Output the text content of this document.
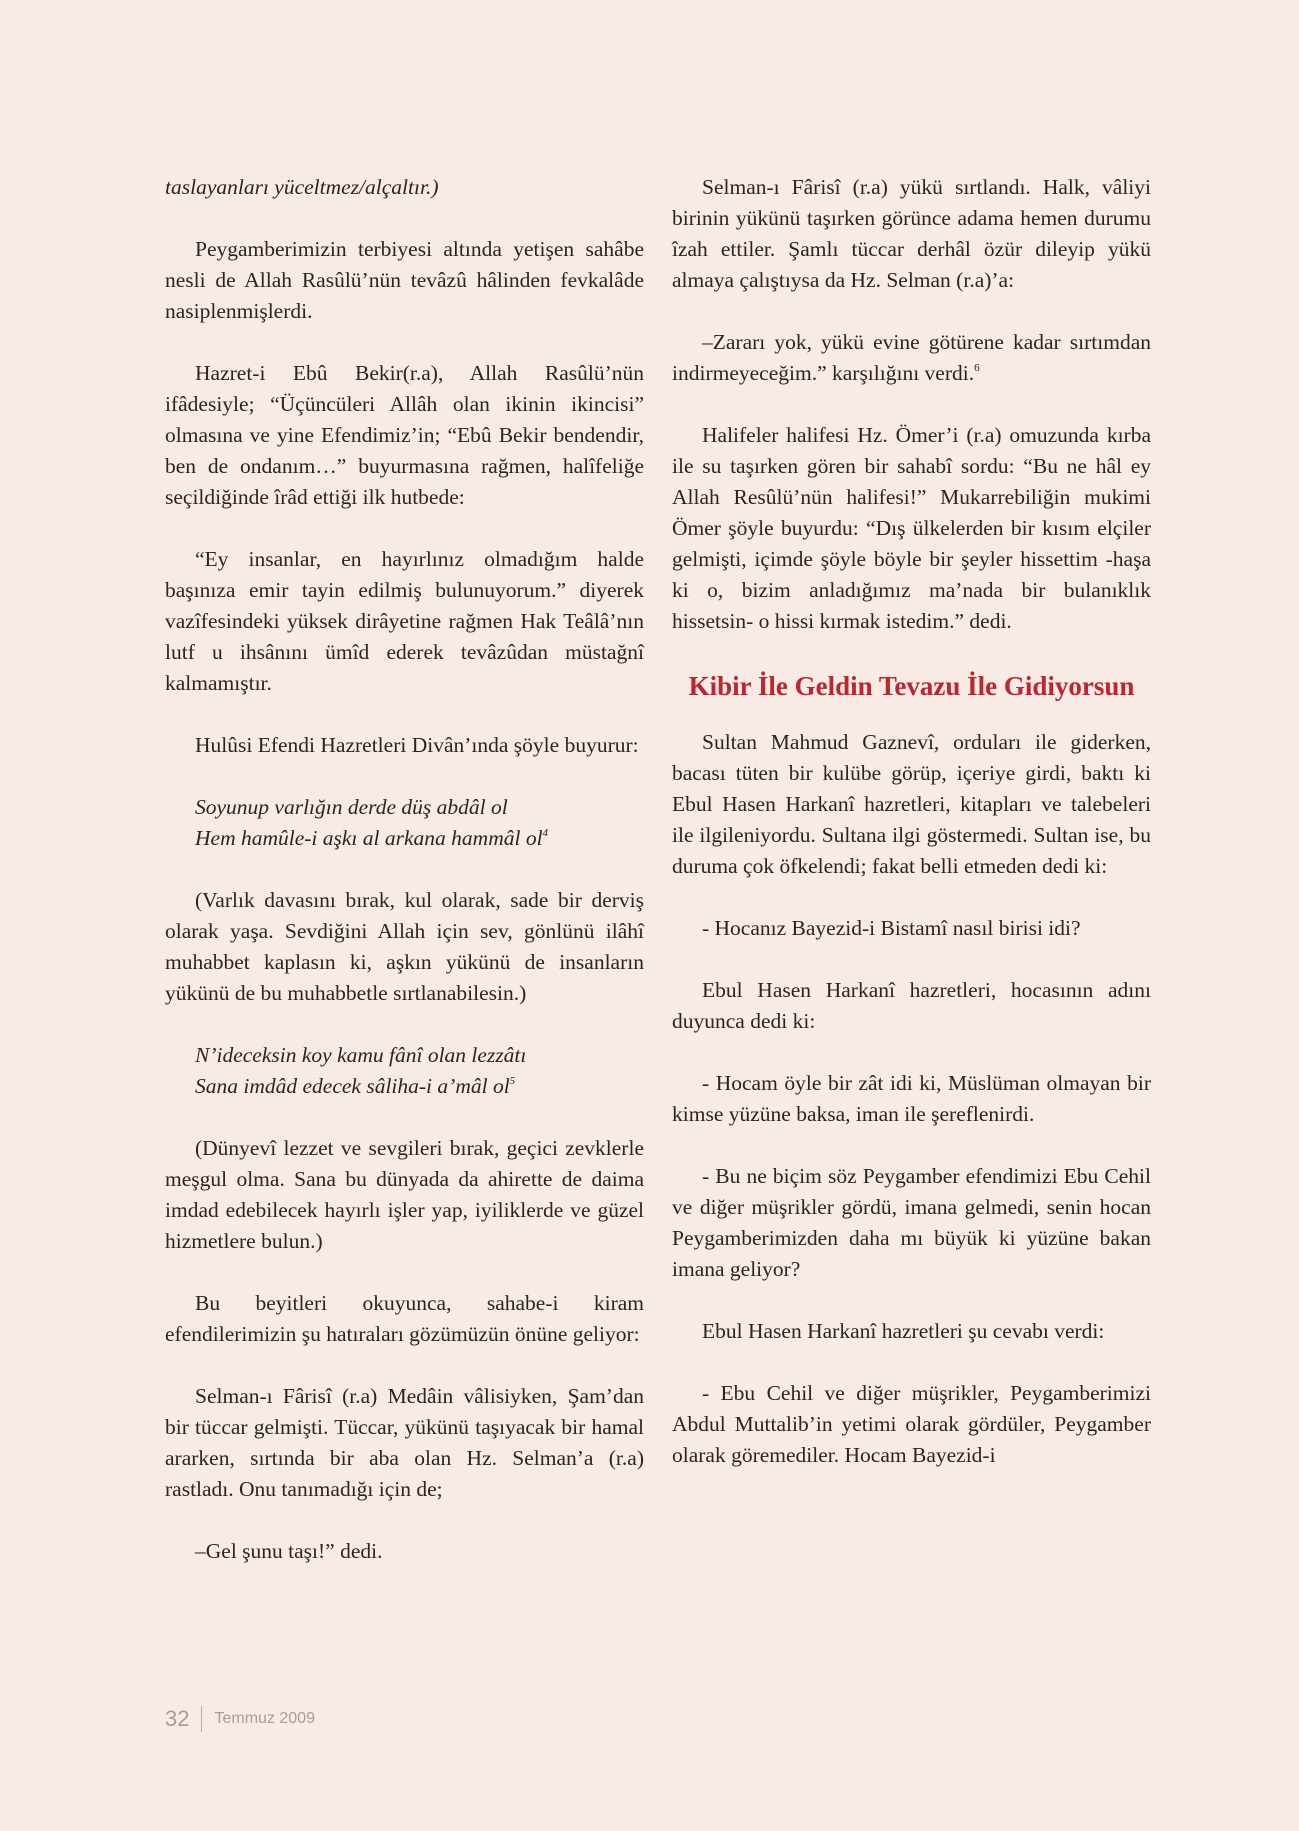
taslayanları yüceltmez/alçaltır.)

Peygamberimizin terbiyesi altında yetişen sahâbe nesli de Allah Rasûlü’nün tevâzû hâlinden fevkalâde nasiplenmişlerdi.

Hazret-i Ebû Bekir(r.a), Allah Rasûlü’nün ifâdesiyle; “Üçüncüleri Allâh olan ikinin ikincisi” olmasına ve yine Efendimiz’in; “Ebû Bekir bendendir, ben de ondanım…” buyurmasına rağmen, halîfeliğe seçildiğinde îrâd ettiği ilk hutbede:

“Ey insanlar, en hayırlınız olmadığım halde başınıza emir tayin edilmiş bulunuyorum.” diyerek vazîfesindeki yüksek dirâyetine rağmen Hak Teâlâ’nın lutf u ihsânını ümîd ederek tevâzûdan müstağnî kalmamıştır.

Hulûsi Efendi Hazretleri Divân’ında şöyle buyurur:

Soyunup varlığın derde düş abdâl ol

Hem hamûle-i aşkı al arkana hammâl $ol^4$

(Varlık davasını bırak, kul olarak, sade bir derviş olarak yaşa. Sevdiğini Allah için sev, gönlünü ilâhî muhabbet kaplasın ki, aşkın yükünü de insanların yükünü de bu muhabbetle sırtlanabilesin.)

N’ideceksin koy kamu fânî olan lezzâtı

Sana imdâd edecek sâliha-i a’mâl $ol^5$

(Dünyevî lezzet ve sevgileri bırak, geçici zevklerle meşgul olma. Sana bu dünyada da ahirette de daima imdad edebilecek hayırlı işler yap, iyiliklerde ve güzel hizmetlere bulun.)

Bu beyitleri okuyunca, sahabe-i kiram efendilerimizin şu hatıraları gözümüzün önüne geliyor:

Selman-ı Fârisî (r.a) Medâin vâlisiyken, Şam’dan bir tüccar gelmişti. Tüccar, yükünü taşıyacak bir hamal ararken, sırtında bir aba olan Hz. Selman’a (r.a) rastladı. Onu tanımadığı için de;

–Gel şunu taşı!” dedi.

Selman-ı Fârisî (r.a) yükü sırtlandı. Halk, vâliyi birinin yükünü taşırken görünce adama hemen durumu îzah ettiler. Şamlı tüccar derhâl özür dileyip yükü almaya çalıştıysa da Hz. Selman (r.a)’a:

–Zararı yok, yükü evine götürene kadar sırtımdan indirmeyeceğim.” karşılığını verdi.$^6$

Halifeler halifesi Hz. Ömer’i (r.a) omuzunda kırba ile su taşırken gören bir sahabî sordu: “Bu ne hâl ey Allah Resûlü’nün halifesi!” Mukarrebiliğin mukimi Ömer şöyle buyurdu: “Dış ülkelerden bir kısım elçiler gelmişti, içimde şöyle böyle bir şeyler hissettim -haşa ki o, bizim anladığımız ma’nada bir bulanıklık hissetsin- o hissi kırmak istedim.” dedi.

Kibir İle Geldin Tevazu İle Gidiyorsun

Sultan Mahmud Gaznevî, orduları ile giderken, bacası tüten bir kulübe görüp, içeriye girdi, baktı ki Ebul Hasen Harkanî hazretleri, kitapları ve talebeleri ile ilgileniyordu. Sultana ilgi göstermedi. Sultan ise, bu duruma çok öfkelendi; fakat belli etmeden dedi ki:

- Hocanız Bayezid-i Bistamî nasıl birisi idi?

Ebul Hasen Harkanî hazretleri, hocasının adını duyunca dedi ki:

- Hocam öyle bir zât idi ki, Müslüman olmayan bir kimse yüzüne baksa, iman ile şereflenirdi.

- Bu ne biçim söz Peygamber efendimizi Ebu Cehil ve diğer müşrikler gördü, imana gelmedi, senin hocan Peygamberimizden daha mı büyük ki yüzüne bakan imana geliyor?

Ebul Hasen Harkanî hazretleri şu cevabı verdi:

- Ebu Cehil ve diğer müşrikler, Peygamberimizi Abdul Muttalib’in yetimi olarak gördüler, Peygamber olarak göremediler. Hocam Bayezid-i

32 Temmuz 2009
